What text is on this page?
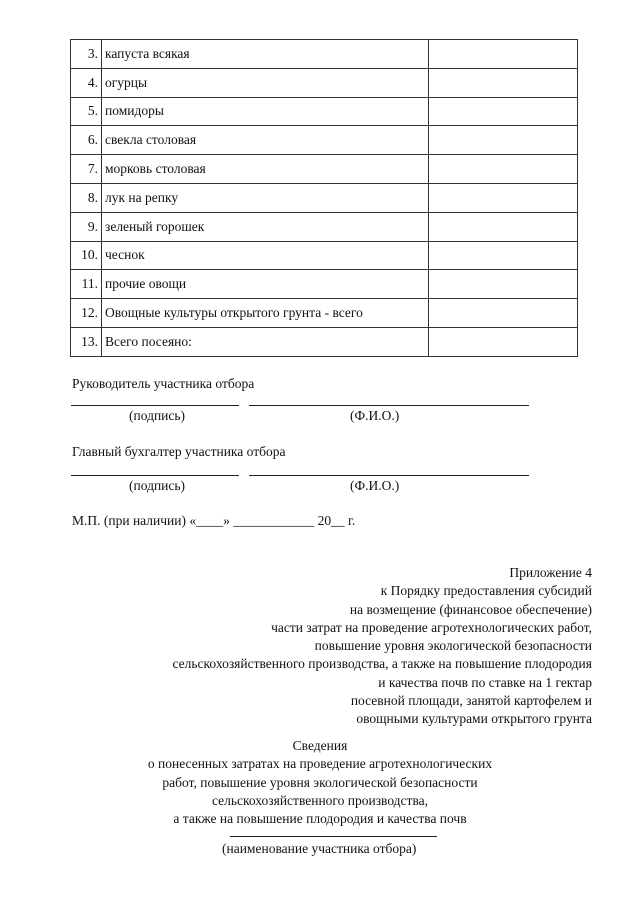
3.	капуста всякая	
4.	огурцы	
5.	помидоры	
6.	свекла столовая	
7.	морковь столовая	
8.	лук на репку	
9.	зеленый горошек	
10.	чеснок	
11.	прочие овощи	
12.	Овощные культуры открытого грунта - всего	
13.	Всего посеяно:	
Руководитель участника отбора
(подпись)	(Ф.И.О.)
Главный бухгалтер участника отбора
(подпись)	(Ф.И.О.)
М.П. (при наличии) «____» ____________ 20__ г.
Приложение 4
к Порядку предоставления субсидий
на возмещение (финансовое обеспечение)
части затрат на проведение агротехнологических работ,
повышение уровня экологической безопасности
сельскохозяйственного производства, а также на повышение плодородия
и качества почв по ставке на 1 гектар
посевной площади, занятой картофелем и
овощными культурами открытого грунта
Сведения
о понесенных затратах на проведение агротехнологических
работ, повышение уровня экологической безопасности
сельскохозяйственного производства,
а также на повышение плодородия и качества почв
(наименование участника отбора)
